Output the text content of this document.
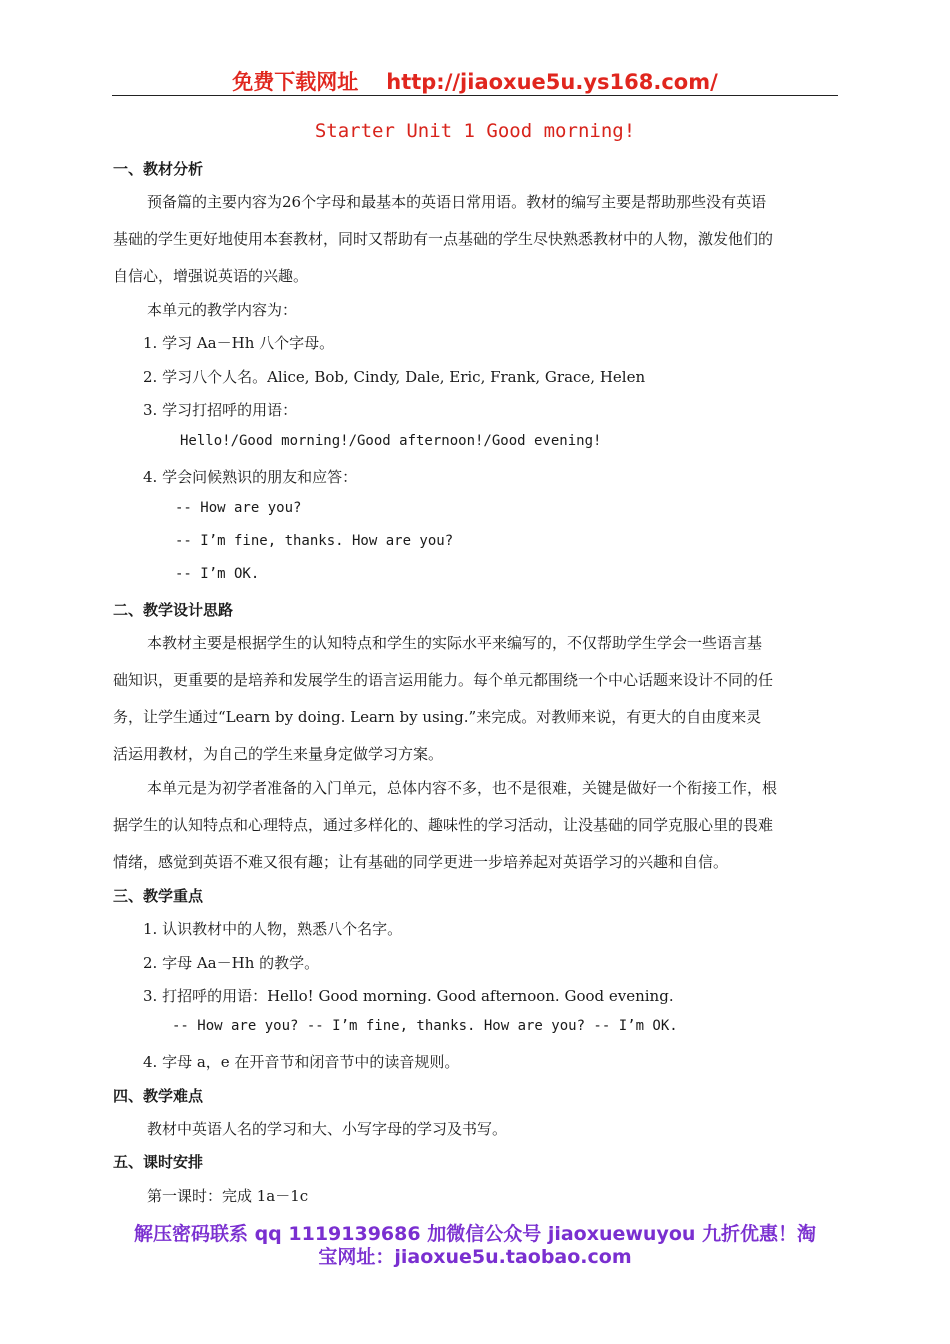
免费下载网址 http://jiaoxue5u.ys168.com/
Starter Unit 1 Good morning!
一、教材分析
预备篇的主要内容为26个字母和最基本的英语日常用语。教材的编写主要是帮助那些没有英语
基础的学生更好地使用本套教材，同时又帮助有一点基础的学生尽快熟悉教材中的人物，激发他们的
自信心，增强说英语的兴趣。
本单元的教学内容为：
1. 学习 Aa－Hh 八个字母。
2. 学习八个人名。Alice, Bob, Cindy, Dale, Eric, Frank, Grace, Helen
3. 学习打招呼的用语：
Hello!/Good morning!/Good afternoon!/Good evening!
4. 学会问候熟识的朋友和应答：
-- How are you?
-- I’m fine, thanks. How are you?
-- I’m OK.
二、教学设计思路
本教材主要是根据学生的认知特点和学生的实际水平来编写的，不仅帮助学生学会一些语言基
础知识，更重要的是培养和发展学生的语言运用能力。每个单元都围绕一个中心话题来设计不同的任
务，让学生通过“Learn by doing. Learn by using.”来完成。对教师来说，有更大的自由度来灵
活运用教材，为自己的学生来量身定做学习方案。
本单元是为初学者准备的入门单元，总体内容不多，也不是很难，关键是做好一个衔接工作，根
据学生的认知特点和心理特点，通过多样化的、趣味性的学习活动，让没基础的同学克服心里的畏难
情绪，感觉到英语不难又很有趣；让有基础的同学更进一步培养起对英语学习的兴趣和自信。
三、教学重点
1. 认识教材中的人物，熟悉八个名字。
2. 字母 Aa－Hh 的教学。
3. 打招呼的用语：Hello! Good morning. Good afternoon. Good evening.
-- How are you? -- I’m fine, thanks. How are you? -- I’m OK.
4. 字母 a，e 在开音节和闭音节中的读音规则。
四、教学难点
教材中英语人名的学习和大、小写字母的学习及书写。
五、课时安排
第一课时：完成 1a－1c
解压密码联系 qq 1119139686 加微信公众号 jiaoxuewuyou 九折优惠！淘
宝网址：jiaoxue5u.taobao.com
